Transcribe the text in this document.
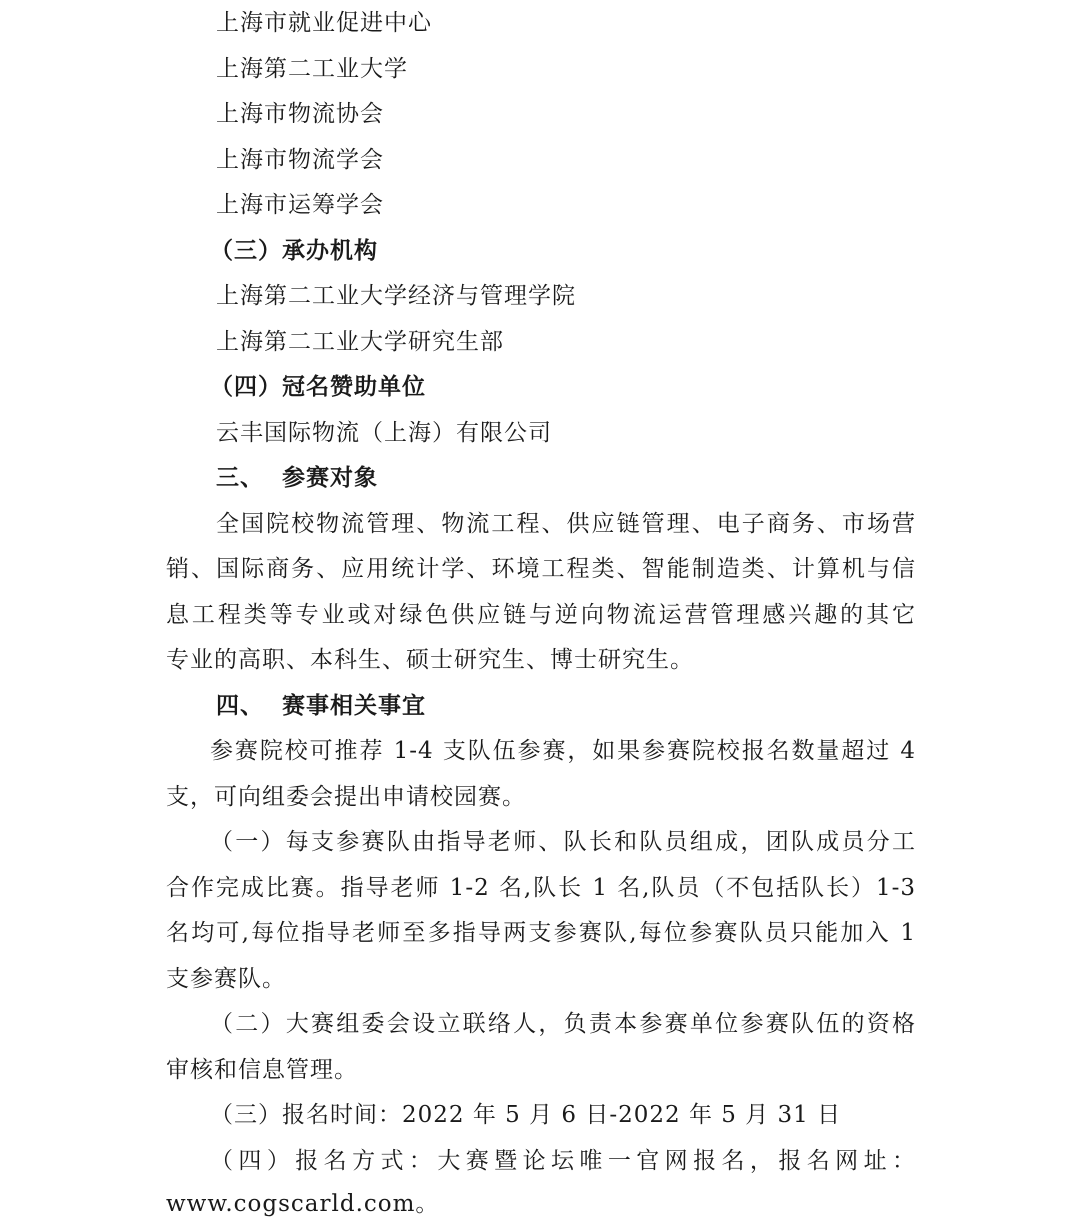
上海市就业促进中心
上海第二工业大学
上海市物流协会
上海市物流学会
上海市运筹学会
（三）承办机构
上海第二工业大学经济与管理学院
上海第二工业大学研究生部
（四）冠名赞助单位
云丰国际物流（上海）有限公司
三、  参赛对象
全国院校物流管理、物流工程、供应链管理、电子商务、市场营
销、国际商务、应用统计学、环境工程类、智能制造类、计算机与信
息工程类等专业或对绿色供应链与逆向物流运营管理感兴趣的其它
专业的高职、本科生、硕士研究生、博士研究生。
四、  赛事相关事宜
参赛院校可推荐 1-4 支队伍参赛，如果参赛院校报名数量超过 4
支，可向组委会提出申请校园赛。
（一）每支参赛队由指导老师、队长和队员组成，团队成员分工
合作完成比赛。指导老师 1-2 名,队长 1 名,队员（不包括队长）1-3
名均可,每位指导老师至多指导两支参赛队,每位参赛队员只能加入 1
支参赛队。
（二）大赛组委会设立联络人，负责本参赛单位参赛队伍的资格
审核和信息管理。
（三）报名时间：2022 年 5 月 6 日-2022 年 5 月 31 日
（四）报名方式：大赛暨论坛唯一官网报名，报名网址：
www.cogscarld.com。
